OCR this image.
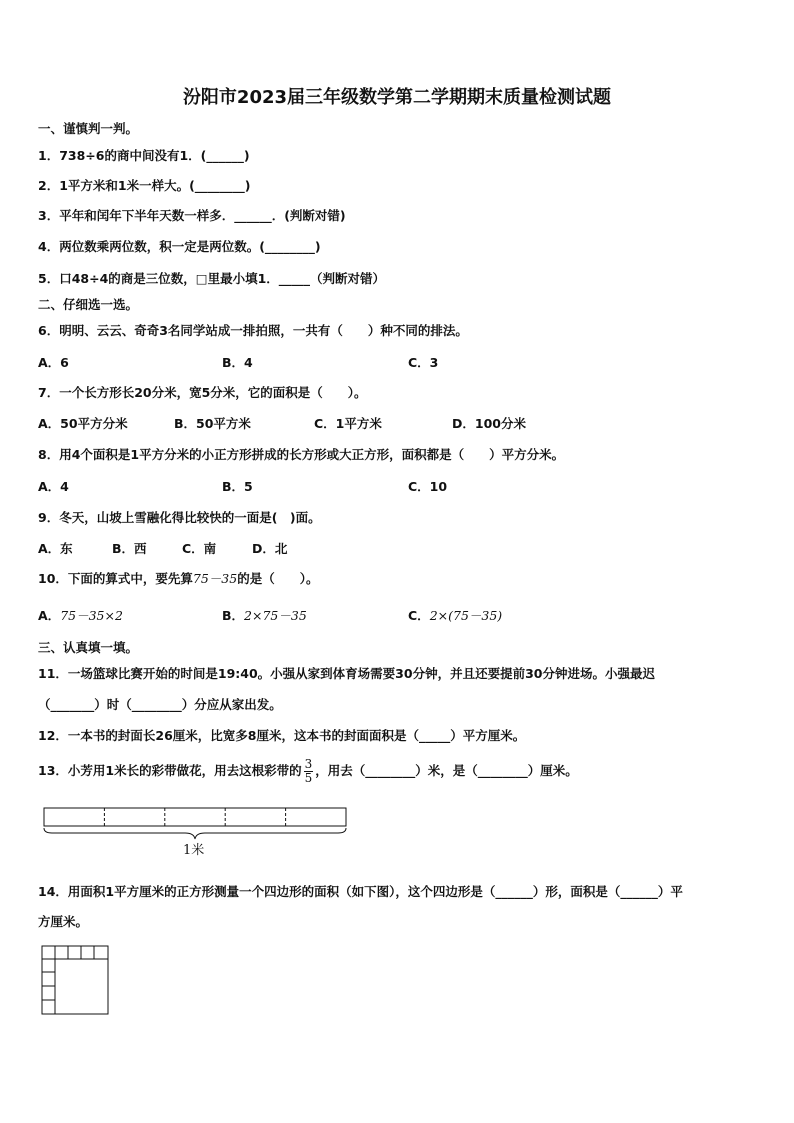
汾阳市2023届三年级数学第二学期期末质量检测试题
一、谨慎判一判。
1．738÷6的商中间没有1．(______)
2．1平方米和1米一样大。(________)
3．平年和闰年下半年天数一样多．______．(判断对错)
4．两位数乘两位数，积一定是两位数。(________)
5．口48÷4的商是三位数，□里最小填1．_____（判断对错）
二、仔细选一选。
6．明明、云云、奇奇3名同学站成一排拍照，一共有（　　）种不同的排法。
A．6	B．4	C．3
7．一个长方形长20分米，宽5分米，它的面积是（　　）。
A．50平方分米	B．50平方米	C．1平方米	D．100分米
8．用4个面积是1平方分米的小正方形拼成的长方形或大正方形，面积都是（　　）平方分米。
A．4	B．5	C．10
9．冬天，山坡上雪融化得比较快的一面是(　)面。
A．东	B．西	C．南	D．北
10．下面的算式中，要先算75－35的是（　　）。
A．75－35×2	B．2×75－35	C．2×(75－35)
三、认真填一填。
11．一场篮球比赛开始的时间是19:40。小强从家到体育场需要30分钟，并且还要提前30分钟进场。小强最迟
（_______）时（________）分应从家出发。
12．一本书的封面长26厘米，比宽多8厘米，这本书的封面面积是（_____）平方厘米。
13．小芳用1米长的彩带做花，用去这根彩带的 $\frac{3}{5}$ ，用去（________）米，是（________）厘米。
1米
14．用面积1平方厘米的正方形测量一个四边形的面积（如下图），这个四边形是（______）形，面积是（______）平
方厘米。
